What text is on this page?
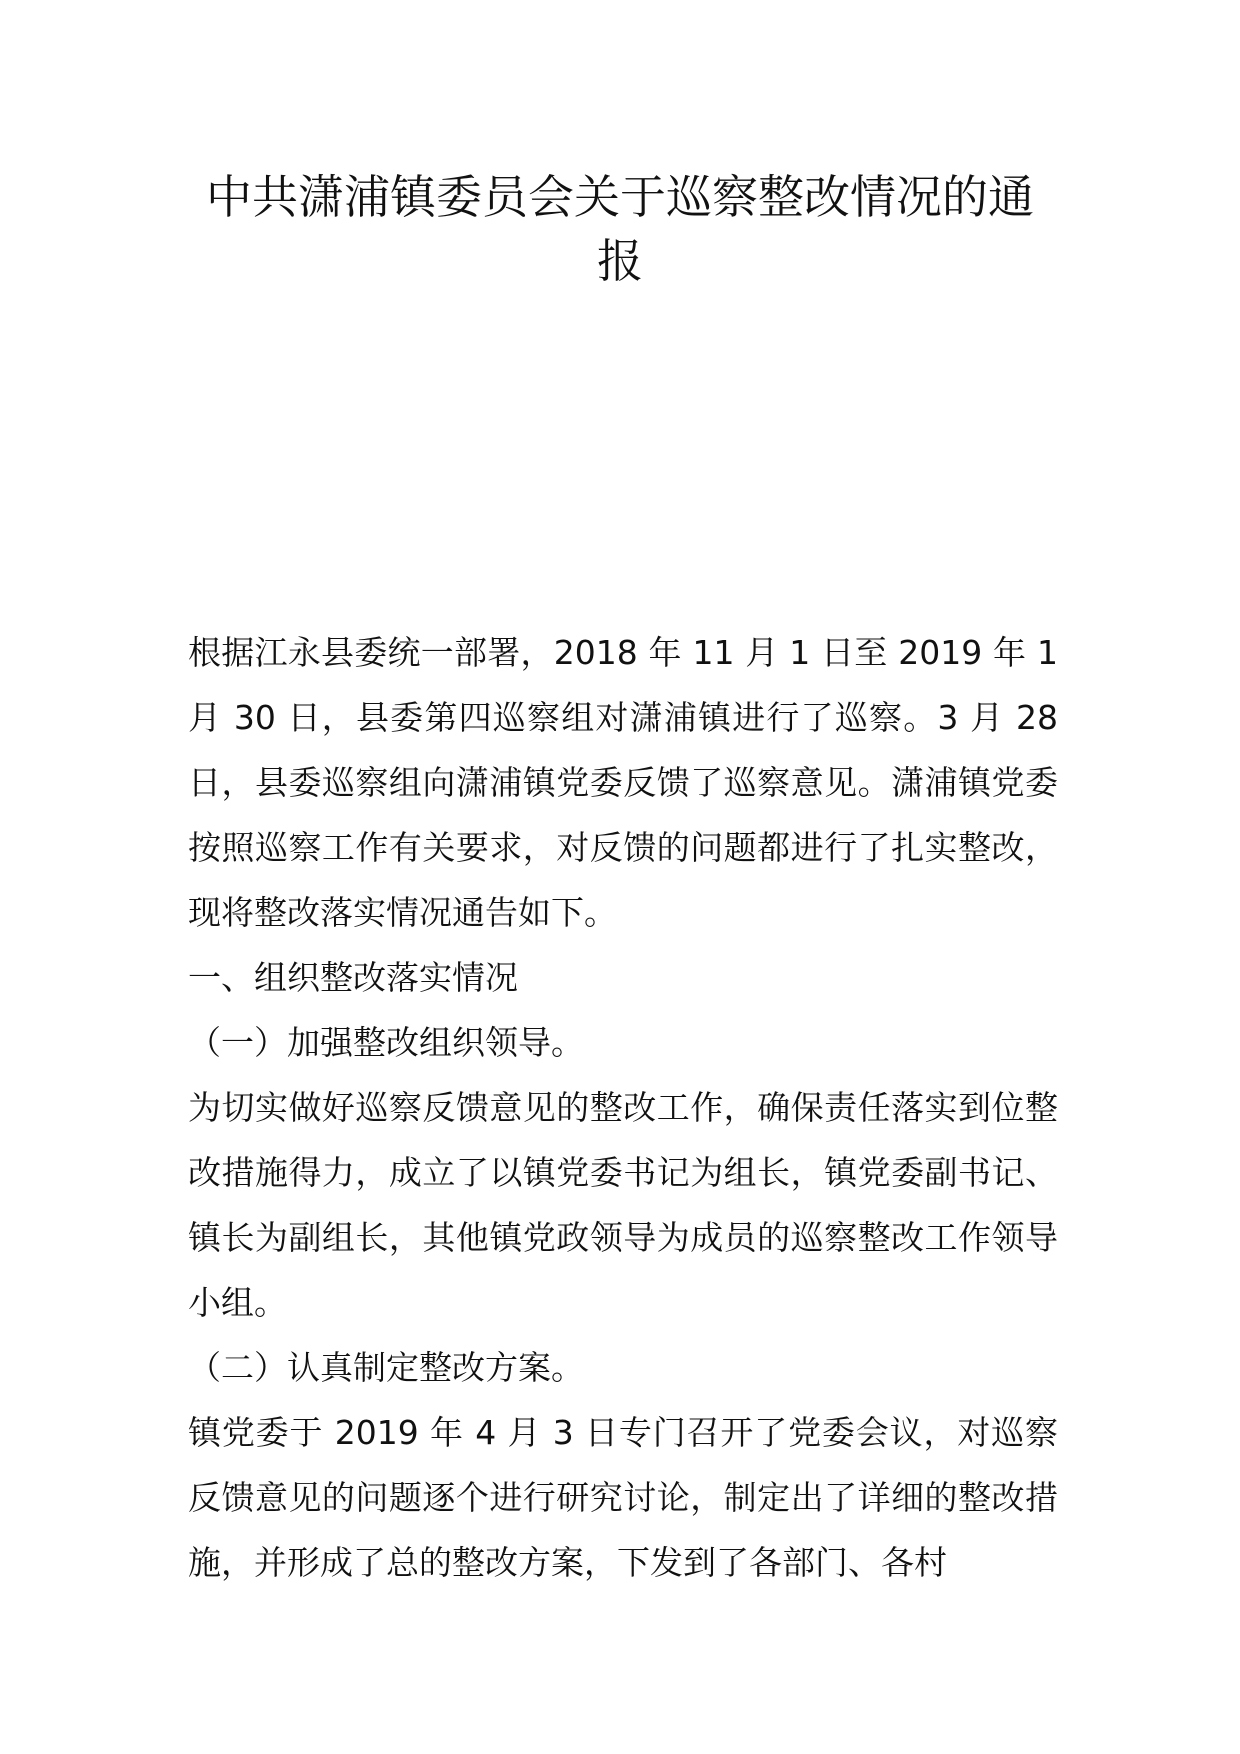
中共潇浦镇委员会关于巡察整改情况的通报

根据江永县委统一部署，2018 年 11 月 1 日至 2019 年 1 月 30 日，县委第四巡察组对潇浦镇进行了巡察。3 月 28 日，县委巡察组向潇浦镇党委反馈了巡察意见。潇浦镇党委按照巡察工作有关要求，对反馈的问题都进行了扎实整改，现将整改落实情况通告如下。

一、组织整改落实情况

（一）加强整改组织领导。

为切实做好巡察反馈意见的整改工作，确保责任落实到位整改措施得力，成立了以镇党委书记为组长，镇党委副书记、镇长为副组长，其他镇党政领导为成员的巡察整改工作领导小组。

（二）认真制定整改方案。

镇党委于 2019 年 4 月 3 日专门召开了党委会议，对巡察反馈意见的问题逐个进行研究讨论，制定出了详细的整改措施，并形成了总的整改方案，下发到了各部门、各村
